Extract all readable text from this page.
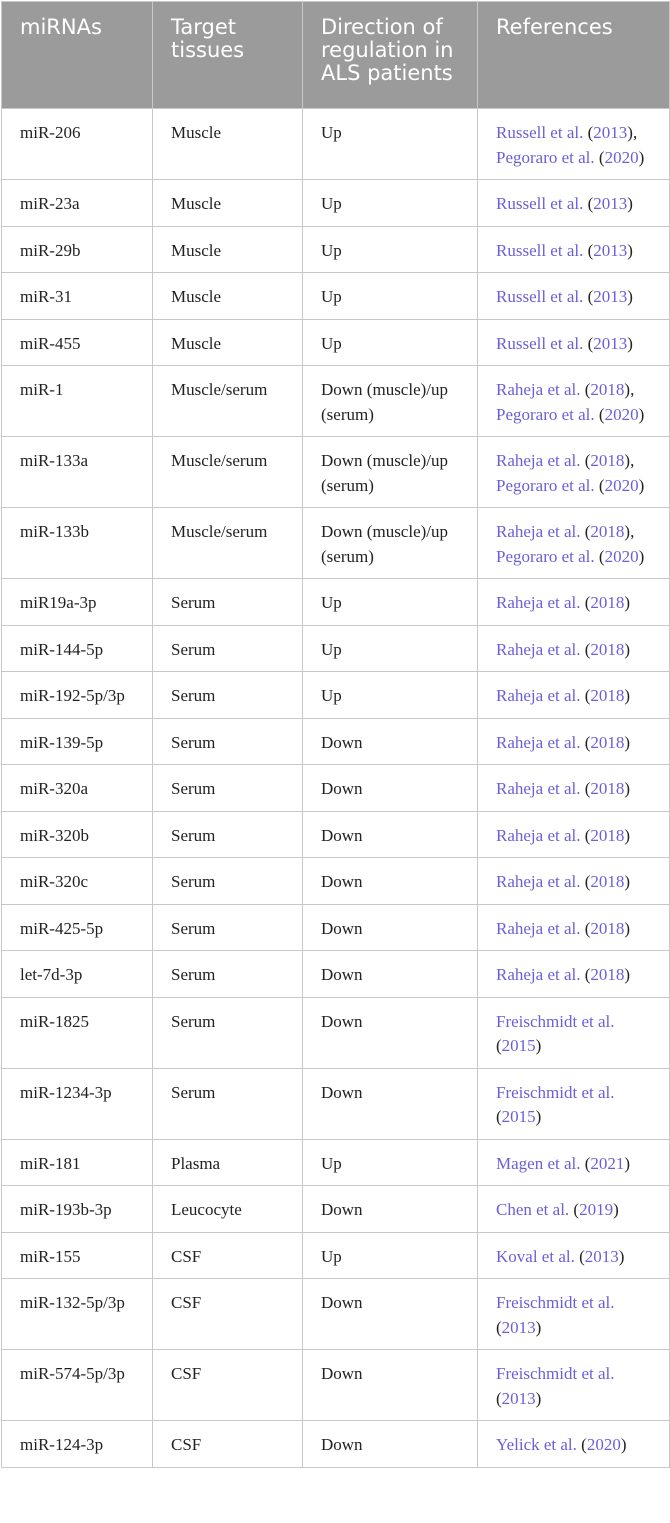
miRNAs	Target tissues	Direction of regulation in ALS patients	References
miR-206	Muscle	Up	Russell et al. (2013), Pegoraro et al. (2020)
miR-23a	Muscle	Up	Russell et al. (2013)
miR-29b	Muscle	Up	Russell et al. (2013)
miR-31	Muscle	Up	Russell et al. (2013)
miR-455	Muscle	Up	Russell et al. (2013)
miR-1	Muscle/serum	Down (muscle)/up (serum)	Raheja et al. (2018), Pegoraro et al. (2020)
miR-133a	Muscle/serum	Down (muscle)/up (serum)	Raheja et al. (2018), Pegoraro et al. (2020)
miR-133b	Muscle/serum	Down (muscle)/up (serum)	Raheja et al. (2018), Pegoraro et al. (2020)
miR19a-3p	Serum	Up	Raheja et al. (2018)
miR-144-5p	Serum	Up	Raheja et al. (2018)
miR-192-5p/3p	Serum	Up	Raheja et al. (2018)
miR-139-5p	Serum	Down	Raheja et al. (2018)
miR-320a	Serum	Down	Raheja et al. (2018)
miR-320b	Serum	Down	Raheja et al. (2018)
miR-320c	Serum	Down	Raheja et al. (2018)
miR-425-5p	Serum	Down	Raheja et al. (2018)
let-7d-3p	Serum	Down	Raheja et al. (2018)
miR-1825	Serum	Down	Freischmidt et al. (2015)
miR-1234-3p	Serum	Down	Freischmidt et al. (2015)
miR-181	Plasma	Up	Magen et al. (2021)
miR-193b-3p	Leucocyte	Down	Chen et al. (2019)
miR-155	CSF	Up	Koval et al. (2013)
miR-132-5p/3p	CSF	Down	Freischmidt et al. (2013)
miR-574-5p/3p	CSF	Down	Freischmidt et al. (2013)
miR-124-3p	CSF	Down	Yelick et al. (2020)
